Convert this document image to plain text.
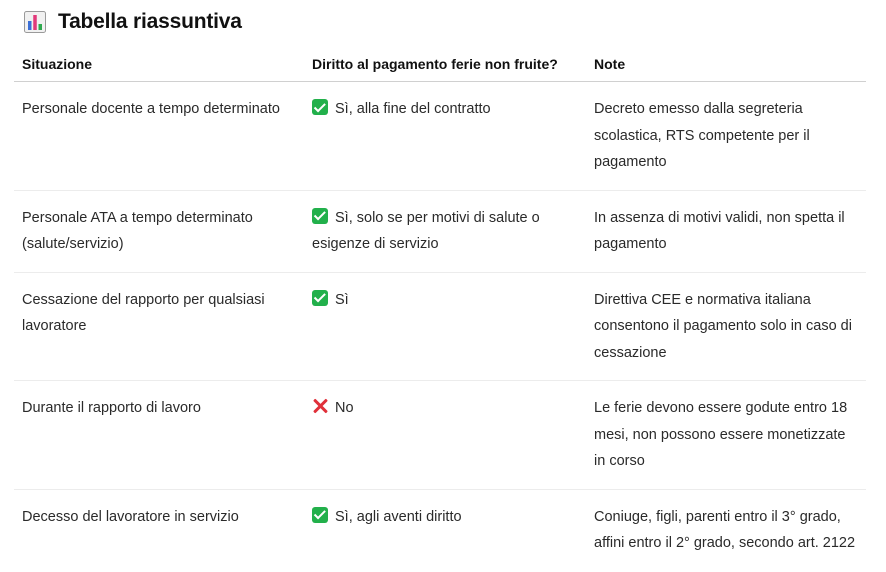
Tabella riassuntiva
Situazione	Diritto al pagamento ferie non fruite?	Note
Personale docente a tempo determinato	Sì, alla fine del contratto	Decreto emesso dalla segreteria scolastica, RTS competente per il pagamento
Personale ATA a tempo determinato (salute/servizio)	Sì, solo se per motivi di salute o esigenze di servizio	In assenza di motivi validi, non spetta il pagamento
Cessazione del rapporto per qualsiasi lavoratore	Sì	Direttiva CEE e normativa italiana consentono il pagamento solo in caso di cessazione
Durante il rapporto di lavoro	No	Le ferie devono essere godute entro 18 mesi, non possono essere monetizzate in corso
Decesso del lavoratore in servizio	Sì, agli aventi diritto	Coniuge, figli, parenti entro il 3° grado, affini entro il 2° grado, secondo art. 2122
